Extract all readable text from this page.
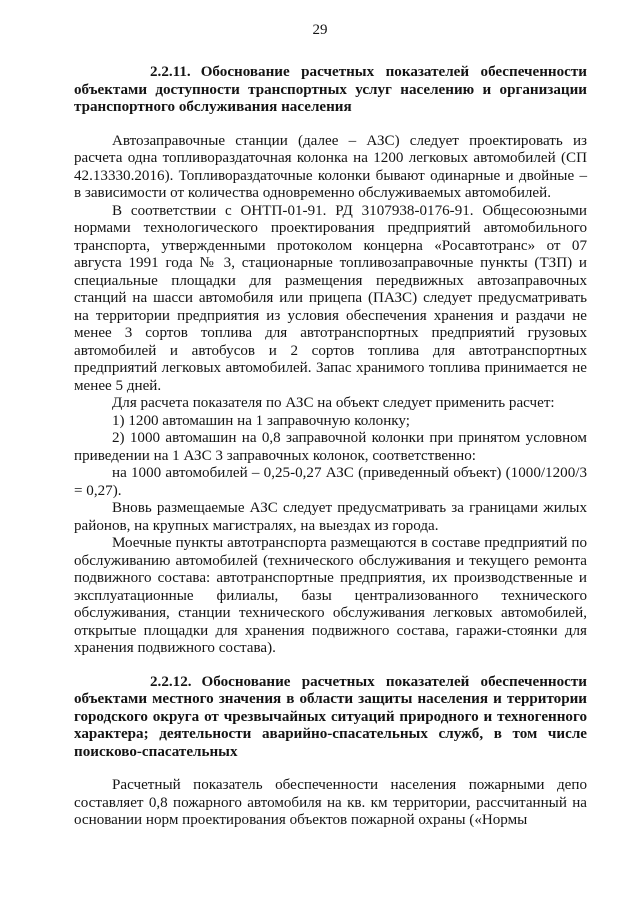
29

2.2.11. Обоснование расчетных показателей обеспеченности объектами доступности транспортных услуг населению и организации транспортного обслуживания населения

Автозаправочные станции (далее – АЗС) следует проектировать из расчета одна топливораздаточная колонка на 1200 легковых автомобилей (СП 42.13330.2016). Топливораздаточные колонки бывают одинарные и двойные – в зависимости от количества одновременно обслуживаемых автомобилей.

В соответствии с ОНТП-01-91. РД 3107938-0176-91. Общесоюзными нормами технологического проектирования предприятий автомобильного транспорта, утвержденными протоколом концерна «Росавтотранс» от 07 августа 1991 года № 3, стационарные топливозаправочные пункты (ТЗП) и специальные площадки для размещения передвижных автозаправочных станций на шасси автомобиля или прицепа (ПАЗС) следует предусматривать на территории предприятия из условия обеспечения хранения и раздачи не менее 3 сортов топлива для автотранспортных предприятий грузовых автомобилей и автобусов и 2 сортов топлива для автотранспортных предприятий легковых автомобилей. Запас хранимого топлива принимается не менее 5 дней.

Для расчета показателя по АЗС на объект следует применить расчет:

1) 1200 автомашин на 1 заправочную колонку;

2) 1000 автомашин на 0,8 заправочной колонки при принятом условном приведении на 1 АЗС 3 заправочных колонок, соответственно:

на 1000 автомобилей – 0,25-0,27 АЗС (приведенный объект) (1000/1200/3 = 0,27).

Вновь размещаемые АЗС следует предусматривать за границами жилых районов, на крупных магистралях, на выездах из города.

Моечные пункты автотранспорта размещаются в составе предприятий по обслуживанию автомобилей (технического обслуживания и текущего ремонта подвижного состава: автотранспортные предприятия, их производственные и эксплуатационные филиалы, базы централизованного технического обслуживания, станции технического обслуживания легковых автомобилей, открытые площадки для хранения подвижного состава, гаражи-стоянки для хранения подвижного состава).

2.2.12. Обоснование расчетных показателей обеспеченности объектами местного значения в области защиты населения и территории городского округа от чрезвычайных ситуаций природного и техногенного характера; деятельности аварийно-спасательных служб, в том числе поисково-спасательных

Расчетный показатель обеспеченности населения пожарными депо составляет 0,8 пожарного автомобиля на кв. км территории, рассчитанный на основании норм проектирования объектов пожарной охраны («Нормы
